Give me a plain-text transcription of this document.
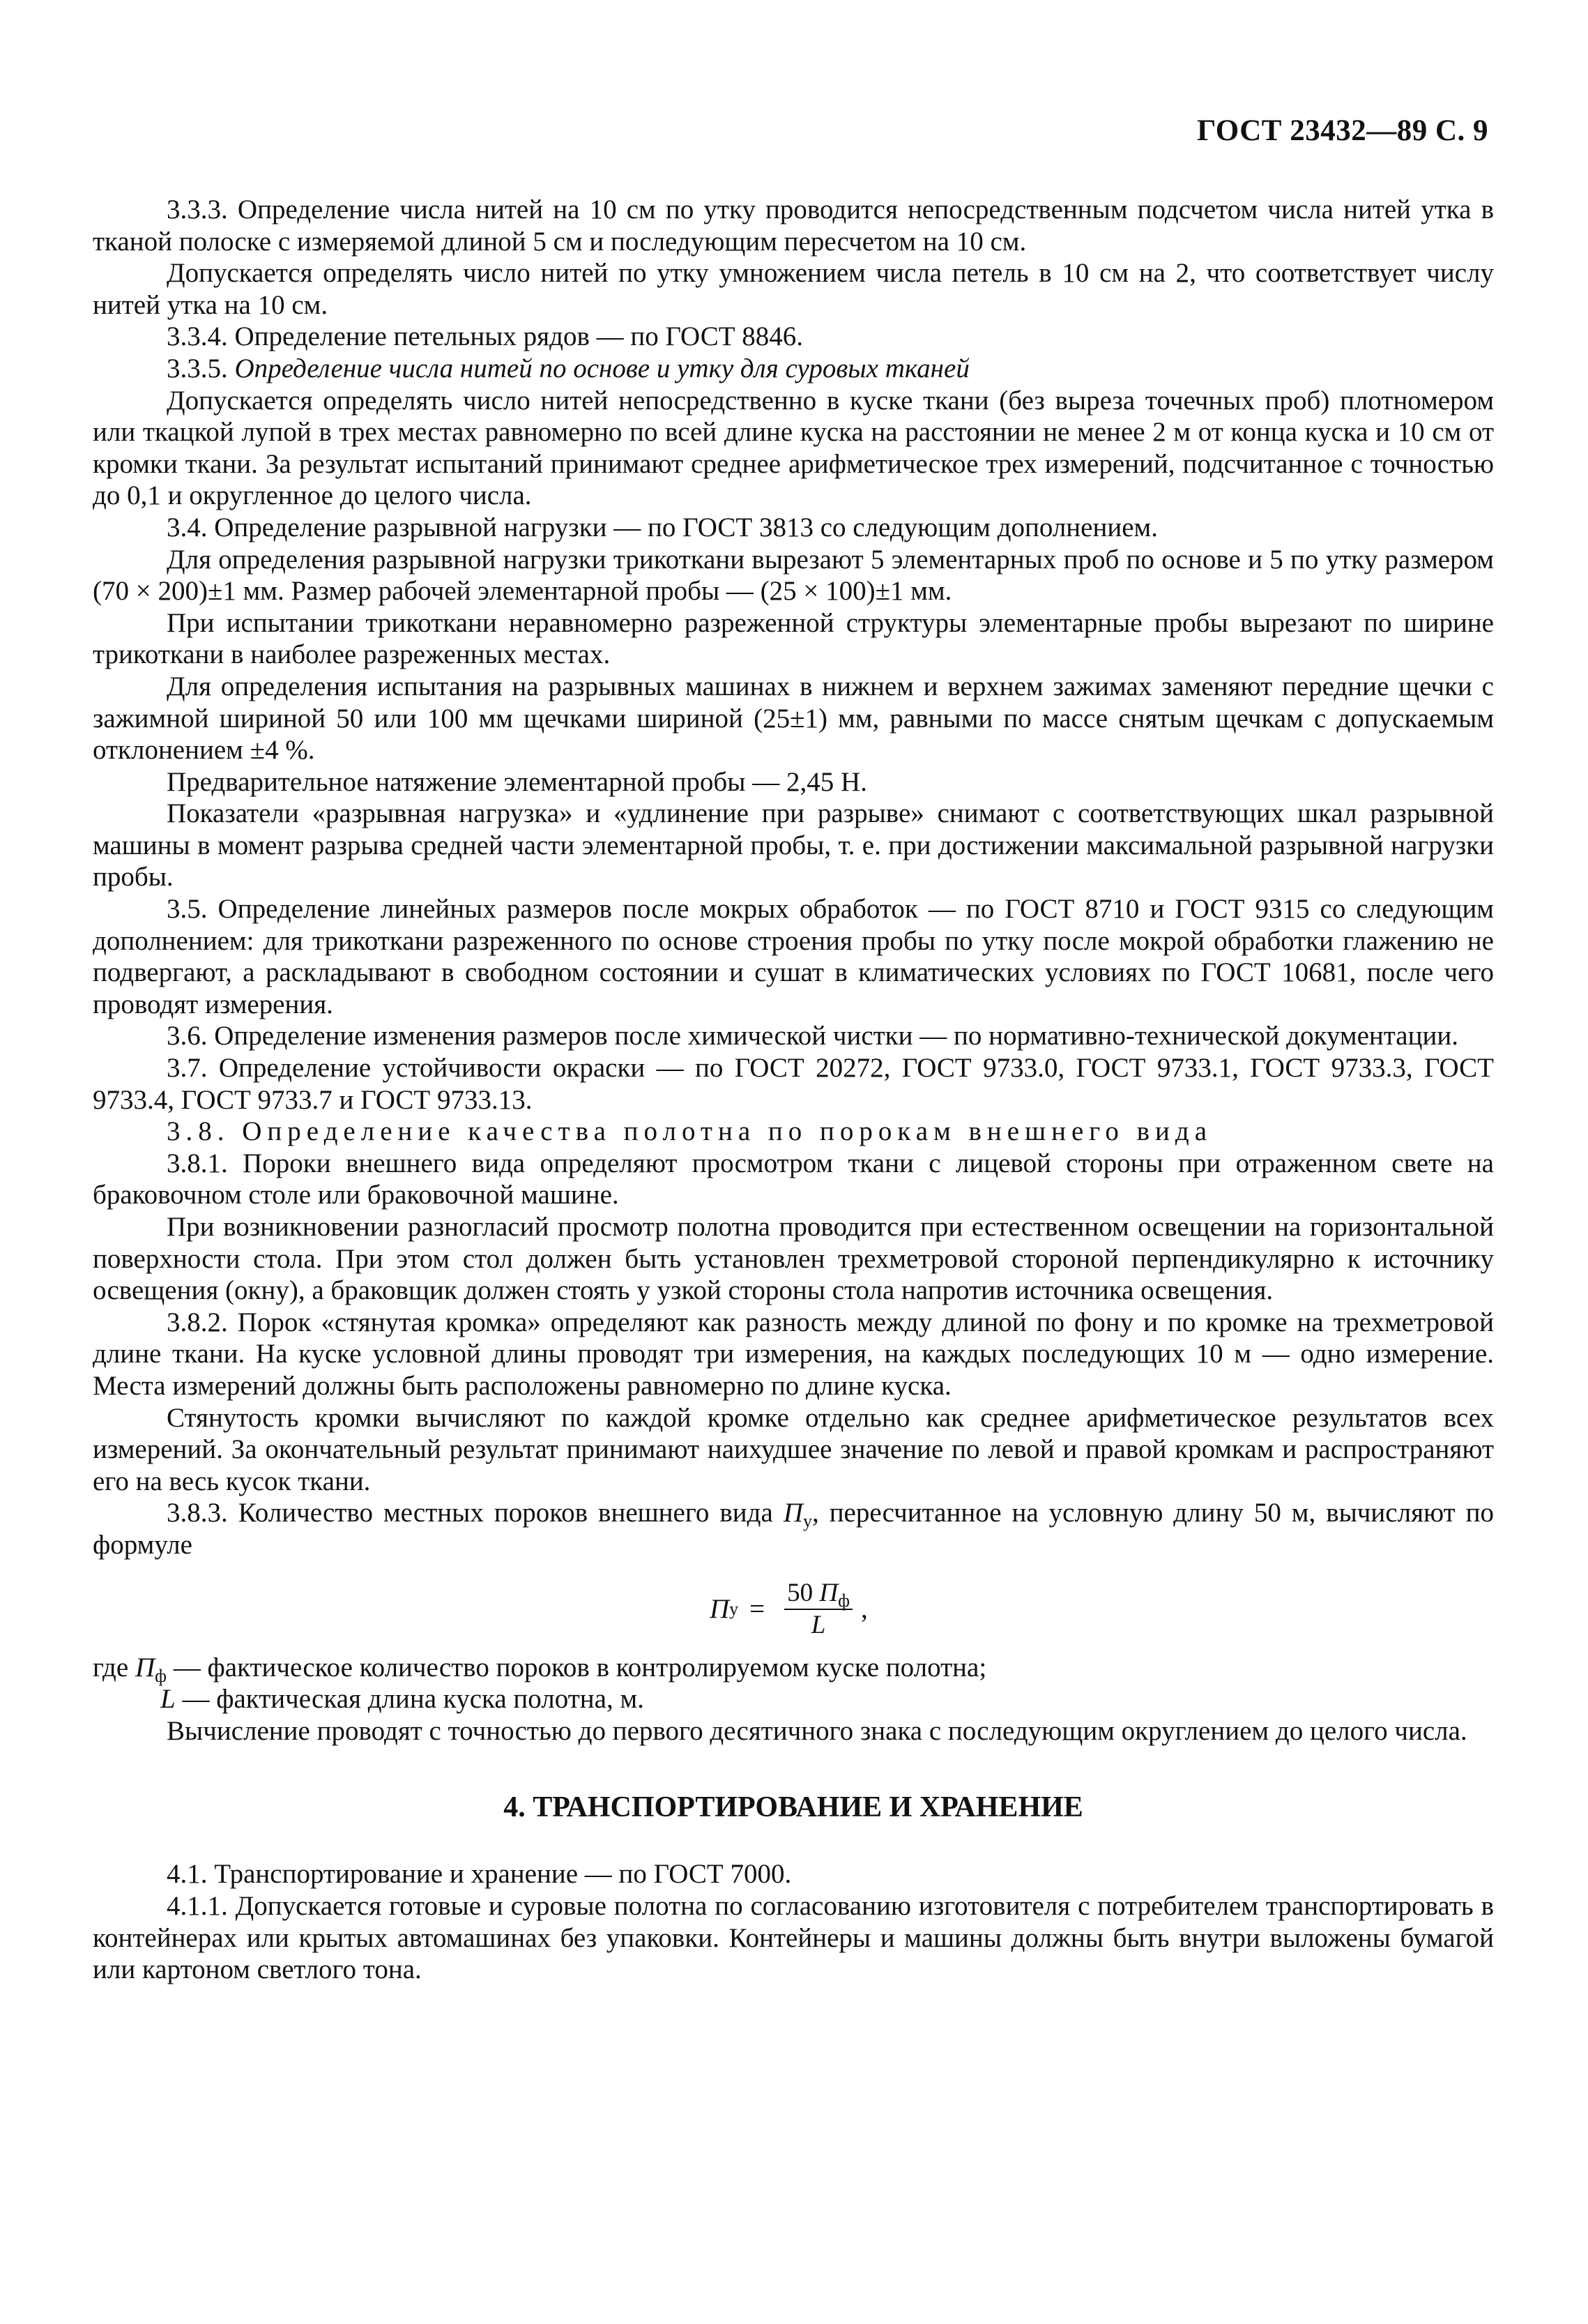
ГОСТ 23432—89 С. 9

3.3.3. Определение числа нитей на 10 см по утку проводится непосредственным подсчетом числа нитей утка в тканой полоске с измеряемой длиной 5 см и последующим пересчетом на 10 см.

Допускается определять число нитей по утку умножением числа петель в 10 см на 2, что соответствует числу нитей утка на 10 см.

3.3.4. Определение петельных рядов — по ГОСТ 8846.

3.3.5. Определение числа нитей по основе и утку для суровых тканей

Допускается определять число нитей непосредственно в куске ткани (без выреза точечных проб) плотномером или ткацкой лупой в трех местах равномерно по всей длине куска на расстоянии не менее 2 м от конца куска и 10 см от кромки ткани. За результат испытаний принимают среднее арифметическое трех измерений, подсчитанное с точностью до 0,1 и округленное до целого числа.

3.4. Определение разрывной нагрузки — по ГОСТ 3813 со следующим дополнением.

Для определения разрывной нагрузки трикоткани вырезают 5 элементарных проб по основе и 5 по утку размером (70 × 200)±1 мм. Размер рабочей элементарной пробы — (25 × 100)±1 мм.

При испытании трикоткани неравномерно разреженной структуры элементарные пробы вырезают по ширине трикоткани в наиболее разреженных местах.

Для определения испытания на разрывных машинах в нижнем и верхнем зажимах заменяют передние щечки с зажимной шириной 50 или 100 мм щечками шириной (25±1) мм, равными по массе снятым щечкам с допускаемым отклонением ±4 %.

Предварительное натяжение элементарной пробы — 2,45 Н.

Показатели «разрывная нагрузка» и «удлинение при разрыве» снимают с соответствующих шкал разрывной машины в момент разрыва средней части элементарной пробы, т. е. при достижении максимальной разрывной нагрузки пробы.

3.5. Определение линейных размеров после мокрых обработок — по ГОСТ 8710 и ГОСТ 9315 со следующим дополнением: для трикоткани разреженного по основе строения пробы по утку после мокрой обработки глажению не подвергают, а раскладывают в свободном состоянии и сушат в климатических условиях по ГОСТ 10681, после чего проводят измерения.

3.6. Определение изменения размеров после химической чистки — по нормативно-технической документации.

3.7. Определение устойчивости окраски — по ГОСТ 20272, ГОСТ 9733.0, ГОСТ 9733.1, ГОСТ 9733.3, ГОСТ 9733.4, ГОСТ 9733.7 и ГОСТ 9733.13.

3.8. Определение качества полотна по порокам внешнего вида

3.8.1. Пороки внешнего вида определяют просмотром ткани с лицевой стороны при отраженном свете на браковочном столе или браковочной машине.

При возникновении разногласий просмотр полотна проводится при естественном освещении на горизонтальной поверхности стола. При этом стол должен быть установлен трехметровой стороной перпендикулярно к источнику освещения (окну), а браковщик должен стоять у узкой стороны стола напротив источника освещения.

3.8.2. Порок «стянутая кромка» определяют как разность между длиной по фону и по кромке на трехметровой длине ткани. На куске условной длины проводят три измерения, на каждых последующих 10 м — одно измерение. Места измерений должны быть расположены равномерно по длине куска.

Стянутость кромки вычисляют по каждой кромке отдельно как среднее арифметическое результатов всех измерений. За окончательный результат принимают наихудшее значение по левой и правой кромкам и распространяют его на весь кусок ткани.

3.8.3. Количество местных пороков внешнего вида $П_у$, пересчитанное на условную длину 50 м, вычисляют по формуле

П $у = \frac{50 П_ф}{L}$ ,

где $П_ф$ — фактическое количество пороков в контролируемом куске полотна;

L — фактическая длина куска полотна, м.

Вычисление проводят с точностью до первого десятичного знака с последующим округлением до целого числа.

4. ТРАНСПОРТИРОВАНИЕ И ХРАНЕНИЕ

4.1. Транспортирование и хранение — по ГОСТ 7000.

4.1.1. Допускается готовые и суровые полотна по согласованию изготовителя с потребителем транспортировать в контейнерах или крытых автомашинах без упаковки. Контейнеры и машины должны быть внутри выложены бумагой или картоном светлого тона.
